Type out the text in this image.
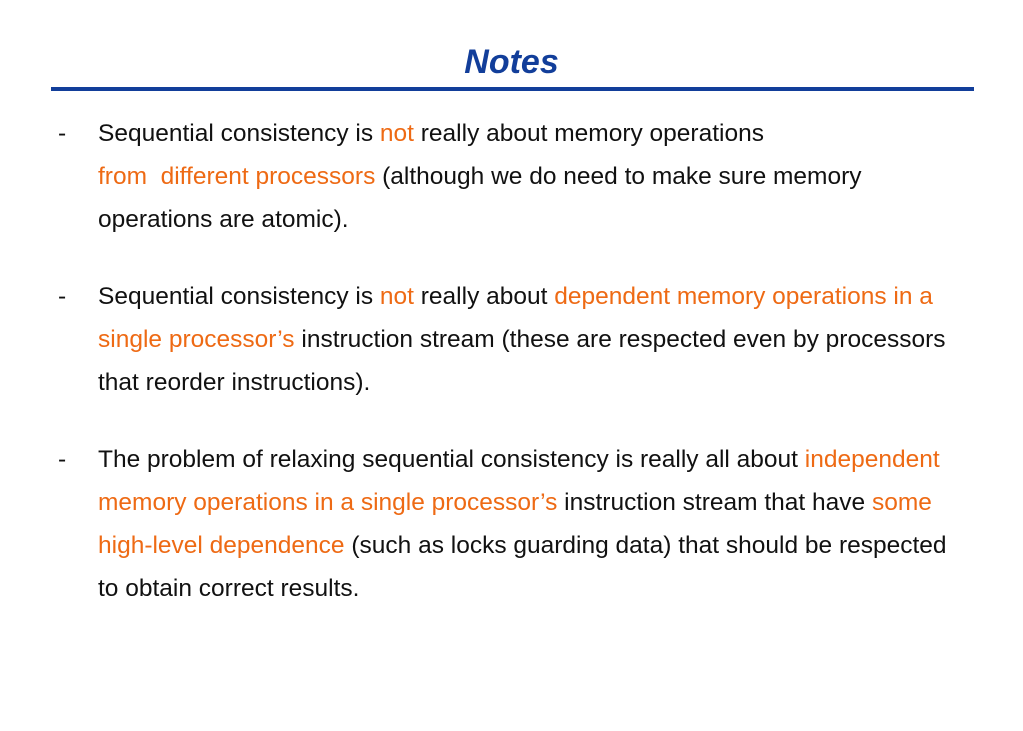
Notes
-	Sequential consistency is not really about memory operations
from  different processors (although we do need to make sure memory operations are atomic).
-	Sequential consistency is not really about dependent memory operations in a single processor’s instruction stream (these are respected even by processors that reorder instructions).
-	The problem of relaxing sequential consistency is really all about independent memory operations in a single processor’s instruction stream that have some high-level dependence (such as locks guarding data) that should be respected to obtain correct results.
